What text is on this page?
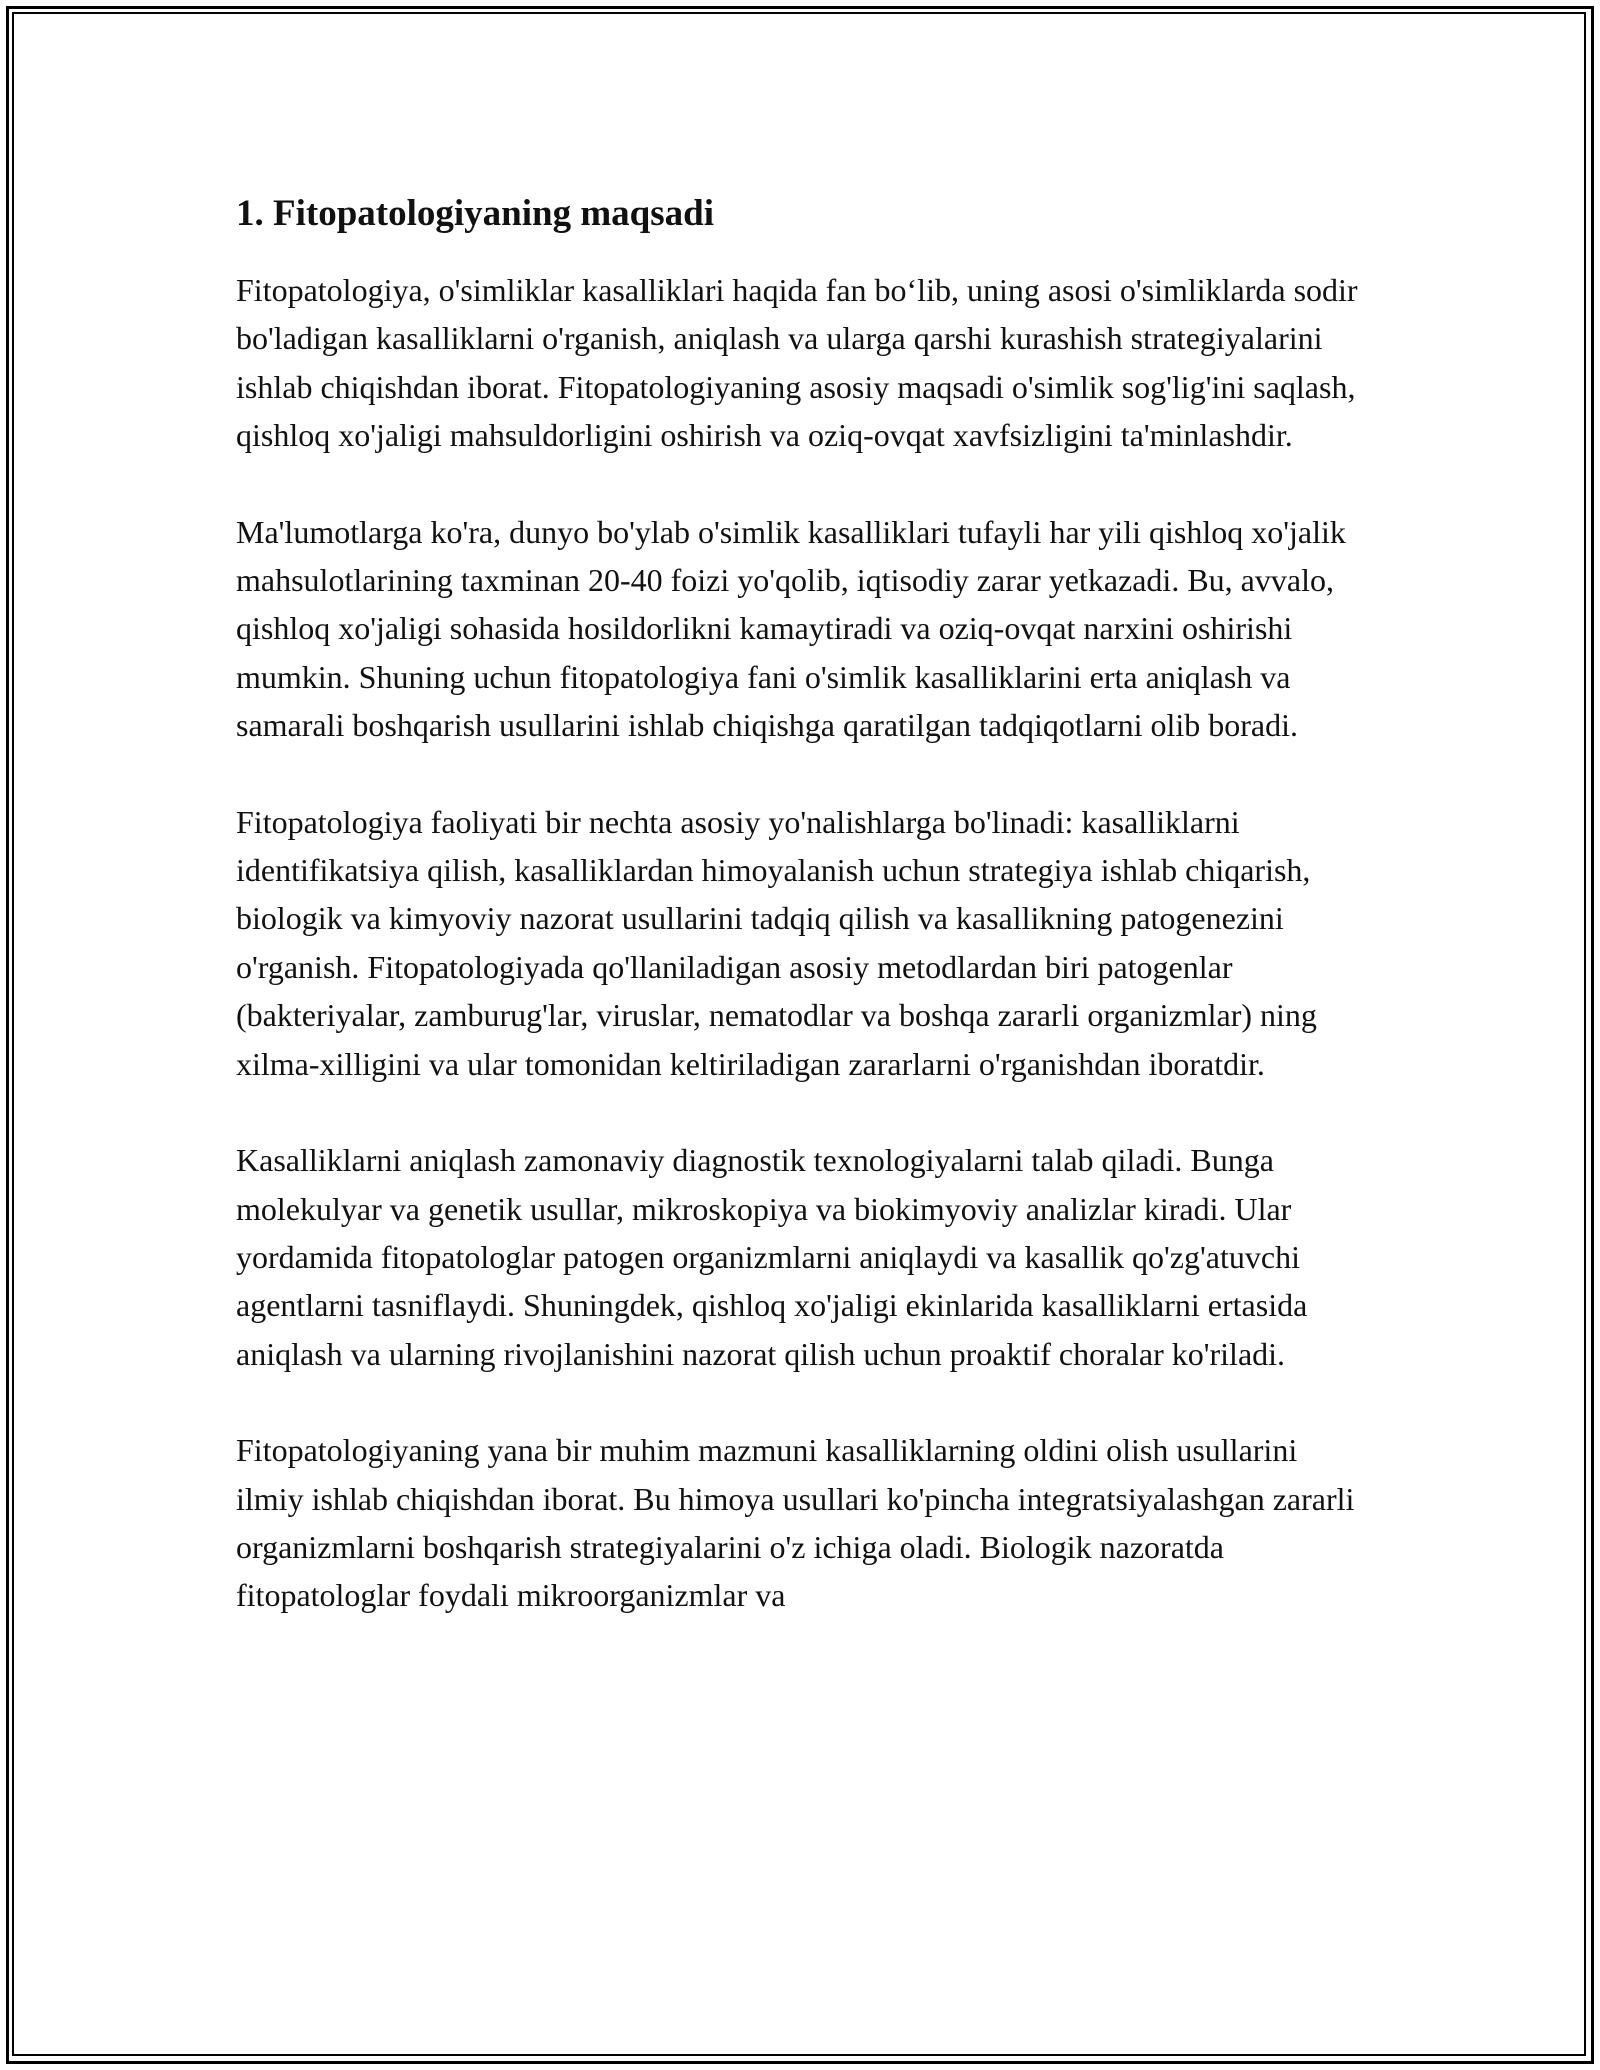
1. Fitopatologiyaning maqsadi

Fitopatologiya, o'simliklar kasalliklari haqida fan bo‘lib, uning asosi o'simliklarda sodir bo'ladigan kasalliklarni o'rganish, aniqlash va ularga qarshi kurashish strategiyalarini ishlab chiqishdan iborat. Fitopatologiyaning asosiy maqsadi o'simlik sog'lig'ini saqlash, qishloq xo'jaligi mahsuldorligini oshirish va oziq-ovqat xavfsizligini ta'minlashdir.

Ma'lumotlarga ko'ra, dunyo bo'ylab o'simlik kasalliklari tufayli har yili qishloq xo'jalik mahsulotlarining taxminan 20-40 foizi yo'qolib, iqtisodiy zarar yetkazadi. Bu, avvalo, qishloq xo'jaligi sohasida hosildorlikni kamaytiradi va oziq-ovqat narxini oshirishi mumkin. Shuning uchun fitopatologiya fani o'simlik kasalliklarini erta aniqlash va samarali boshqarish usullarini ishlab chiqishga qaratilgan tadqiqotlarni olib boradi.

Fitopatologiya faoliyati bir nechta asosiy yo'nalishlarga bo'linadi: kasalliklarni identifikatsiya qilish, kasalliklardan himoyalanish uchun strategiya ishlab chiqarish, biologik va kimyoviy nazorat usullarini tadqiq qilish va kasallikning patogenezini o'rganish. Fitopatologiyada qo'llaniladigan asosiy metodlardan biri patogenlar (bakteriyalar, zamburug'lar, viruslar, nematodlar va boshqa zararli organizmlar) ning xilma-xilligini va ular tomonidan keltiriladigan zararlarni o'rganishdan iboratdir.

Kasalliklarni aniqlash zamonaviy diagnostik texnologiyalarni talab qiladi. Bunga molekulyar va genetik usullar, mikroskopiya va biokimyoviy analizlar kiradi. Ular yordamida fitopatologlar patogen organizmlarni aniqlaydi va kasallik qo'zg'atuvchi agentlarni tasniflaydi. Shuningdek, qishloq xo'jaligi ekinlarida kasalliklarni ertasida aniqlash va ularning rivojlanishini nazorat qilish uchun proaktif choralar ko'riladi.

Fitopatologiyaning yana bir muhim mazmuni kasalliklarning oldini olish usullarini ilmiy ishlab chiqishdan iborat. Bu himoya usullari ko'pincha integratsiyalashgan zararli organizmlarni boshqarish strategiyalarini o'z ichiga oladi. Biologik nazoratda fitopatologlar foydali mikroorganizmlar va
